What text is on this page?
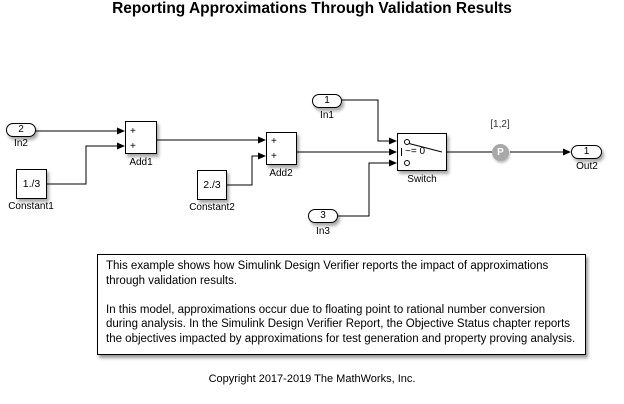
Reporting Approximations Through Validation Results
2
In2
1./3
Constant1
+
+
Add1
2./3
Constant2
+
+
Add2
1
In1
3
In3
~= 0
Switch
[1,2]
P	1
Out2

This example shows how Simulink Design Verifier reports the impact of approximations through validation results.

In this model, approximations occur due to floating point to rational number conversion during analysis. In the Simulink Design Verifier Report, the Objective Status chapter reports the objectives impacted by approximations for test generation and property proving analysis.

Copyright 2017-2019 The MathWorks, Inc.
